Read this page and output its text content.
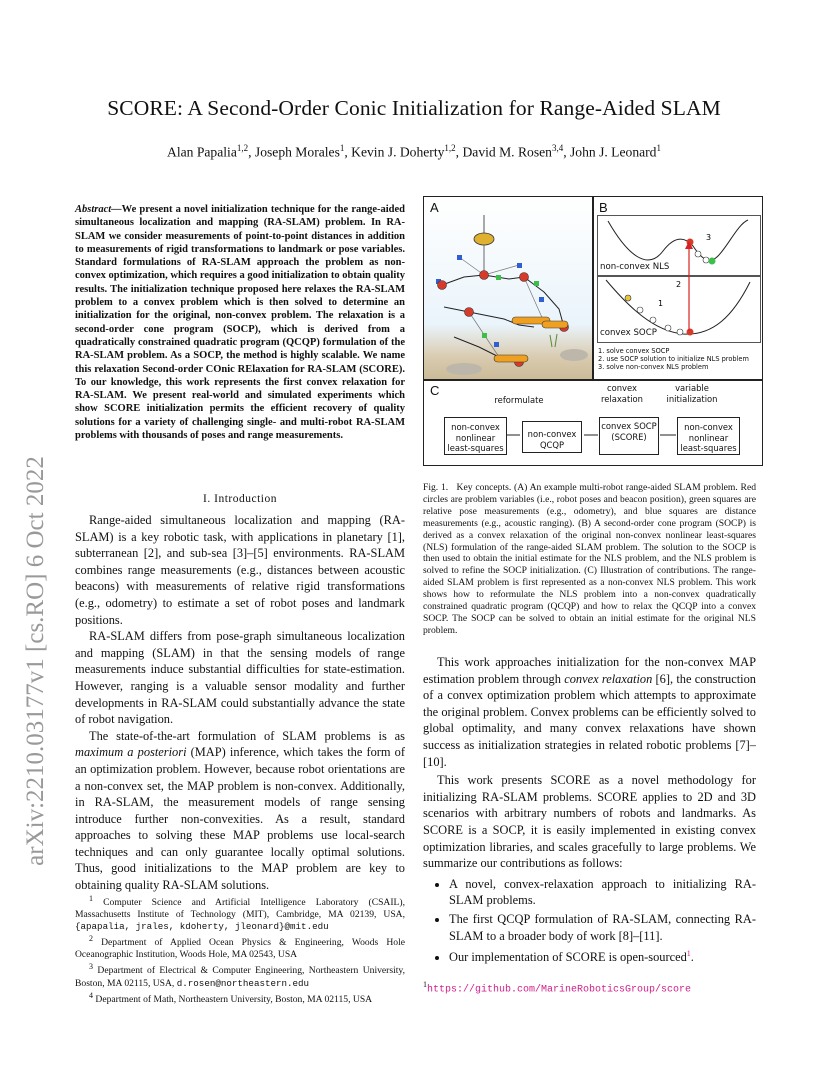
SCORE: A Second-Order Conic Initialization for Range-Aided SLAM
Alan Papalia$^{1,2}$, Joseph Morales$^1$, Kevin J. Doherty$^{1,2}$, David M. Rosen$^{3,4}$, John J. Leonard$^1$
arXiv:2210.03177v1 [cs.RO] 6 Oct 2022
Abstract—We present a novel initialization technique for the range-aided simultaneous localization and mapping (RA-SLAM) problem. In RA-SLAM we consider measurements of point-to-point distances in addition to measurements of rigid transformations to landmark or pose variables. Standard formulations of RA-SLAM approach the problem as non-convex optimization, which requires a good initialization to obtain quality results. The initialization technique proposed here relaxes the RA-SLAM problem to a convex problem which is then solved to determine an initialization for the original, non-convex problem. The relaxation is a second-order cone program (SOCP), which is derived from a quadratically constrained quadratic program (QCQP) formulation of the RA-SLAM problem. As a SOCP, the method is highly scalable. We name this relaxation Second-order COnic RElaxation for RA-SLAM (SCORE). To our knowledge, this work represents the first convex relaxation for RA-SLAM. We present real-world and simulated experiments which show SCORE initialization permits the efficient recovery of quality solutions for a variety of challenging single- and multi-robot RA-SLAM problems with thousands of poses and range measurements.
I. Introduction

Range-aided simultaneous localization and mapping (RA-SLAM) is a key robotic task, with applications in planetary [1], subterranean [2], and sub-sea [3]–[5] environments. RA-SLAM combines range measurements (e.g., distances between acoustic beacons) with measurements of relative rigid transformations (e.g., odometry) to estimate a set of robot poses and landmark positions.

RA-SLAM differs from pose-graph simultaneous localization and mapping (SLAM) in that the sensing models of range measurements induce substantial difficulties for state-estimation. However, ranging is a valuable sensor modality and further developments in RA-SLAM could substantially advance the state of robot navigation.

The state-of-the-art formulation of SLAM problems is as maximum a posteriori (MAP) inference, which takes the form of an optimization problem. However, because robot orientations are a non-convex set, the MAP problem is non-convex. Additionally, in RA-SLAM, the measurement models of range sensing introduce further non-convexities. As a result, standard approaches to solving these MAP problems use local-search techniques and can only guarantee locally optimal solutions. Thus, good initializations to the MAP problem are key to obtaining quality RA-SLAM solutions.

$^1$ Computer Science and Artificial Intelligence Laboratory (CSAIL), Massachusetts Institute of Technology (MIT), Cambridge, MA 02139, USA, {apapalia, jrales, kdoherty, jleonard}@mit.edu

$^2$ Department of Applied Ocean Physics & Engineering, Woods Hole Oceanographic Institution, Woods Hole, MA 02543, USA

$^3$ Department of Electrical & Computer Engineering, Northeastern University, Boston, MA 02115, USA, d.rosen@northeastern.edu

$^4$ Department of Math, Northeastern University, Boston, MA 02115, USA

A	B
3
non-convex NLS
1
convex SOCP
2
1. solve convex SOCP
2. use SOCP solution to initialize NLS problem
3. solve non-convex NLS problem
C
reformulate
convex relaxation
variable initialization
non-convex nonlinear least-squares
non-convex QCQP
convex SOCP (SCORE)
non-convex nonlinear least-squares
Fig. 1. Key concepts. (A) An example multi-robot range-aided SLAM problem. Red circles are problem variables (i.e., robot poses and beacon position), green squares are relative pose measurements (e.g., odometry), and blue squares are distance measurements (e.g., acoustic ranging). (B) A second-order cone program (SOCP) is derived as a convex relaxation of the original non-convex nonlinear least-squares (NLS) formulation of the range-aided SLAM problem. The solution to the SOCP is then used to obtain the initial estimate for the NLS problem, and the NLS problem is solved to refine the SOCP initialization. (C) Illustration of contributions. The range-aided SLAM problem is first represented as a non-convex NLS problem. This work shows how to reformulate the NLS problem into a non-convex quadratically constrained quadratic program (QCQP) and how to relax the QCQP into a convex SOCP. The SOCP can be solved to obtain an initial estimate for the original NLS problem.

This work approaches initialization for the non-convex MAP estimation problem through convex relaxation [6], the construction of a convex optimization problem which attempts to approximate the original problem. Convex problems can be efficiently solved to global optimality, and many convex relaxations have shown success as initialization strategies in related robotic problems [7]–[10].

This work presents SCORE as a novel methodology for initializing RA-SLAM problems. SCORE applies to 2D and 3D scenarios with arbitrary numbers of robots and landmarks. As SCORE is a SOCP, it is easily implemented in existing convex optimization libraries, and scales gracefully to large problems. We summarize our contributions as follows:

• A novel, convex-relaxation approach to initializing RA-SLAM problems.
• The first QCQP formulation of RA-SLAM, connecting RA-SLAM to a broader body of work [8]–[11].
• Our implementation of SCORE is open-sourced$^1$.
$^1$https://github.com/MarineRoboticsGroup/score
